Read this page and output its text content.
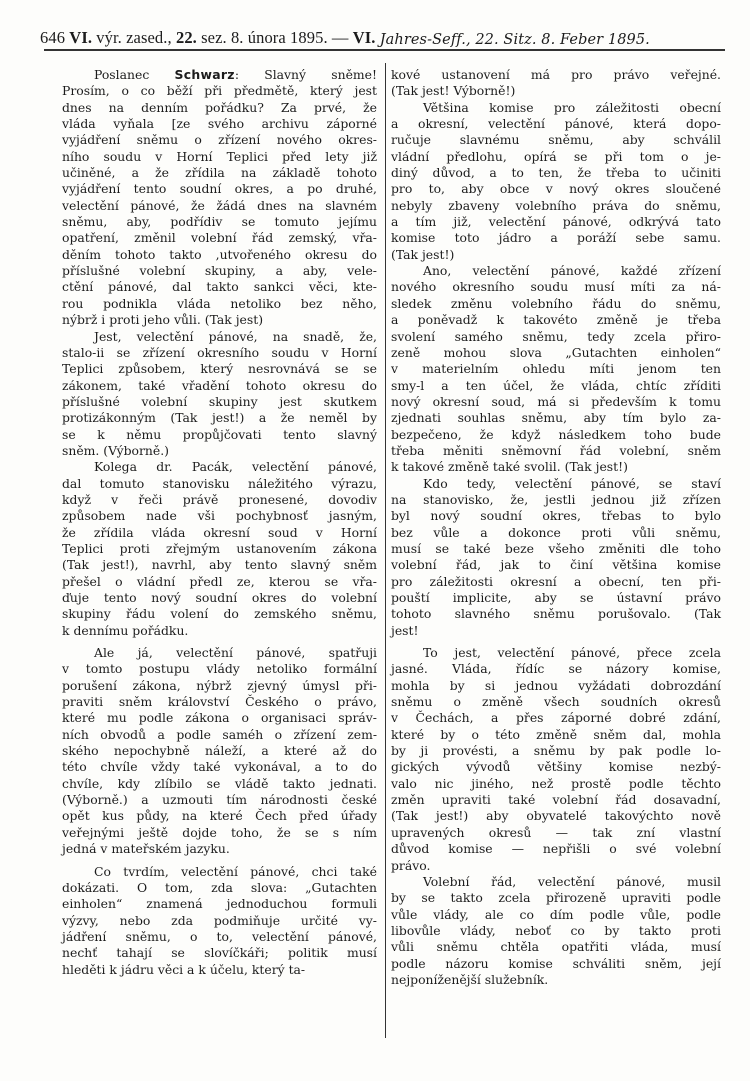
646
VI.
výr. zased.,
22.
sez. 8. února 1895. —
VI.
Jahres-Seff., 22. Sitz. 8. Feber 1895.

Poslanec Schwarz: Slavný sněme!
Prosím, o co běží při předmětě, který jest
dnes na denním pořádku? Za prvé, že
vláda vyňala [ze svého archivu záporné
vyjádření sněmu o zřízení nového okres-
ního soudu v Horní Teplici před lety již
učiněné, a že zřídila na základě tohoto
vyjádření tento soudní okres, a po druhé,
velectění pánové, že žádá dnes na slavném
sněmu, aby, podřídiv se tomuto jejímu
opatření, změnil volební řád zemský, vřa-
děním tohoto takto ,utvořeného okresu do
příslušné volební skupiny, a aby, vele-
ctění pánové, dal takto sankci věci, kte-
rou podnikla vláda netoliko bez něho,
nýbrž i proti jeho vůli. (Tak jest)

Jest, velectění pánové, na snadě, že,
stalo-ii se zřízení okresního soudu v Horní
Teplici způsobem, který nesrovnává se se
zákonem, také vřadění tohoto okresu do
příslušné volební skupiny jest skutkem
protizákonným (Tak jest!) a že neměl by
se k němu propůjčovati tento slavný
sněm. (Výborně.)

Kolega dr. Pacák, velectění pánové,
dal tomuto stanovisku náležitého výrazu,
když v řeči právě pronesené, dovodiv
způsobem nade vši pochybnosť jasným,
že zřídila vláda okresní soud v Horní
Teplici proti zřejmým ustanovením zákona
(Tak jest!), navrhl, aby tento slavný sněm
přešel o vládní předl ze, kterou se vřa-
ďuje tento nový soudní okres do volební
skupiny řádu volení do zemského sněmu,
k dennímu pořádku.

Ale já, velectění pánové, spatřuji
v tomto postupu vlády netoliko formální
porušení zákona, nýbrž zjevný úmysl při-
praviti sněm království Českého o právo,
které mu podle zákona o organisaci správ-
ních obvodů a podle saméh o zřízení zem-
ského nepochybně náleží, a které až do
této chvíle vždy také vykonával, a to do
chvíle, kdy zlíbilo se vládě takto jednati.
(Výborně.) a uzmouti tím národnosti české
opět kus půdy, na které Čech před úřady
veřejnými ještě dojde toho, že se s ním
jedná v mateřském jazyku.

Co tvrdím, velectění pánové, chci také
dokázati. O tom, zda slova: „Gutachten
einholen“ znamená jednoduchou formuli
výzvy, nebo zda podmiňuje určité vy-
jádření sněmu, o to, velectění pánové,
nechť tahají se slovíčkáři; politik musí
hleděti k jádru věci a k účelu, který ta-

kové ustanovení má pro právo veřejné.
(Tak jest! Výborně!)

Většina komise pro záležitosti obecní
a okresní, velectění pánové, která dopo-
ručuje slavnému sněmu, aby schválil
vládní předlohu, opírá se při tom o je-
diný důvod, a to ten, že třeba to učiniti
pro to, aby obce v nový okres sloučené
nebyly zbaveny volebního práva do sněmu,
a tím již, velectění pánové, odkrývá tato
komise toto jádro a poráží sebe samu.
(Tak jest!)

Ano, velectění pánové, každé zřízení
nového okresního soudu musí míti za ná-
sledek změnu volebního řádu do sněmu,
a poněvadž k takovéto změně je třeba
svolení samého sněmu, tedy zcela přiro-
zeně mohou slova „Gutachten einholen“
v materielním ohledu míti jenom ten
smy-l a ten účel, že vláda, chtíc zříditi
nový okresní soud, má si především k tomu
zjednati souhlas sněmu, aby tím bylo za-
bezpečeno, že když následkem toho bude
třeba měniti sněmovní řád volební, sněm
k takové změně také svolil. (Tak jest!)

Kdo tedy, velectění pánové, se staví
na stanovisko, že, jestli jednou již zřízen
byl nový soudní okres, třebas to bylo
bez vůle a dokonce proti vůli sněmu,
musí se také beze všeho změniti dle toho
volební řád, jak to činí většina komise
pro záležitosti okresní a obecní, ten při-
pouští implicite, aby se ústavní právo
tohoto slavného sněmu porušovalo. (Tak
jest!

To jest, velectění pánové, přece zcela
jasné. Vláda, řídíc se názory komise,
mohla by si jednou vyžádati dobrozdání
sněmu o změně všech soudních okresů
v Čechách, a přes záporné dobré zdání,
které by o této změně sněm dal, mohla
by ji provésti, a sněmu by pak podle lo-
gických vývodů většiny komise nezbý-
valo nic jiného, než prostě podle těchto
změn upraviti také volební řád dosavadní,
(Tak jest!) aby obyvatelé takovýchto nově
upravených okresů — tak zní vlastní
důvod komise — nepřišli o své volební
právo.

Volební řád, velectění pánové, musil
by se takto zcela přirozeně upraviti podle
vůle vlády, ale co dím podle vůle, podle
libovůle vlády, neboť co by takto proti
vůli sněmu chtěla opatřiti vláda, musí
podle názoru komise schváliti sněm, její
nejponíženější služebník.
